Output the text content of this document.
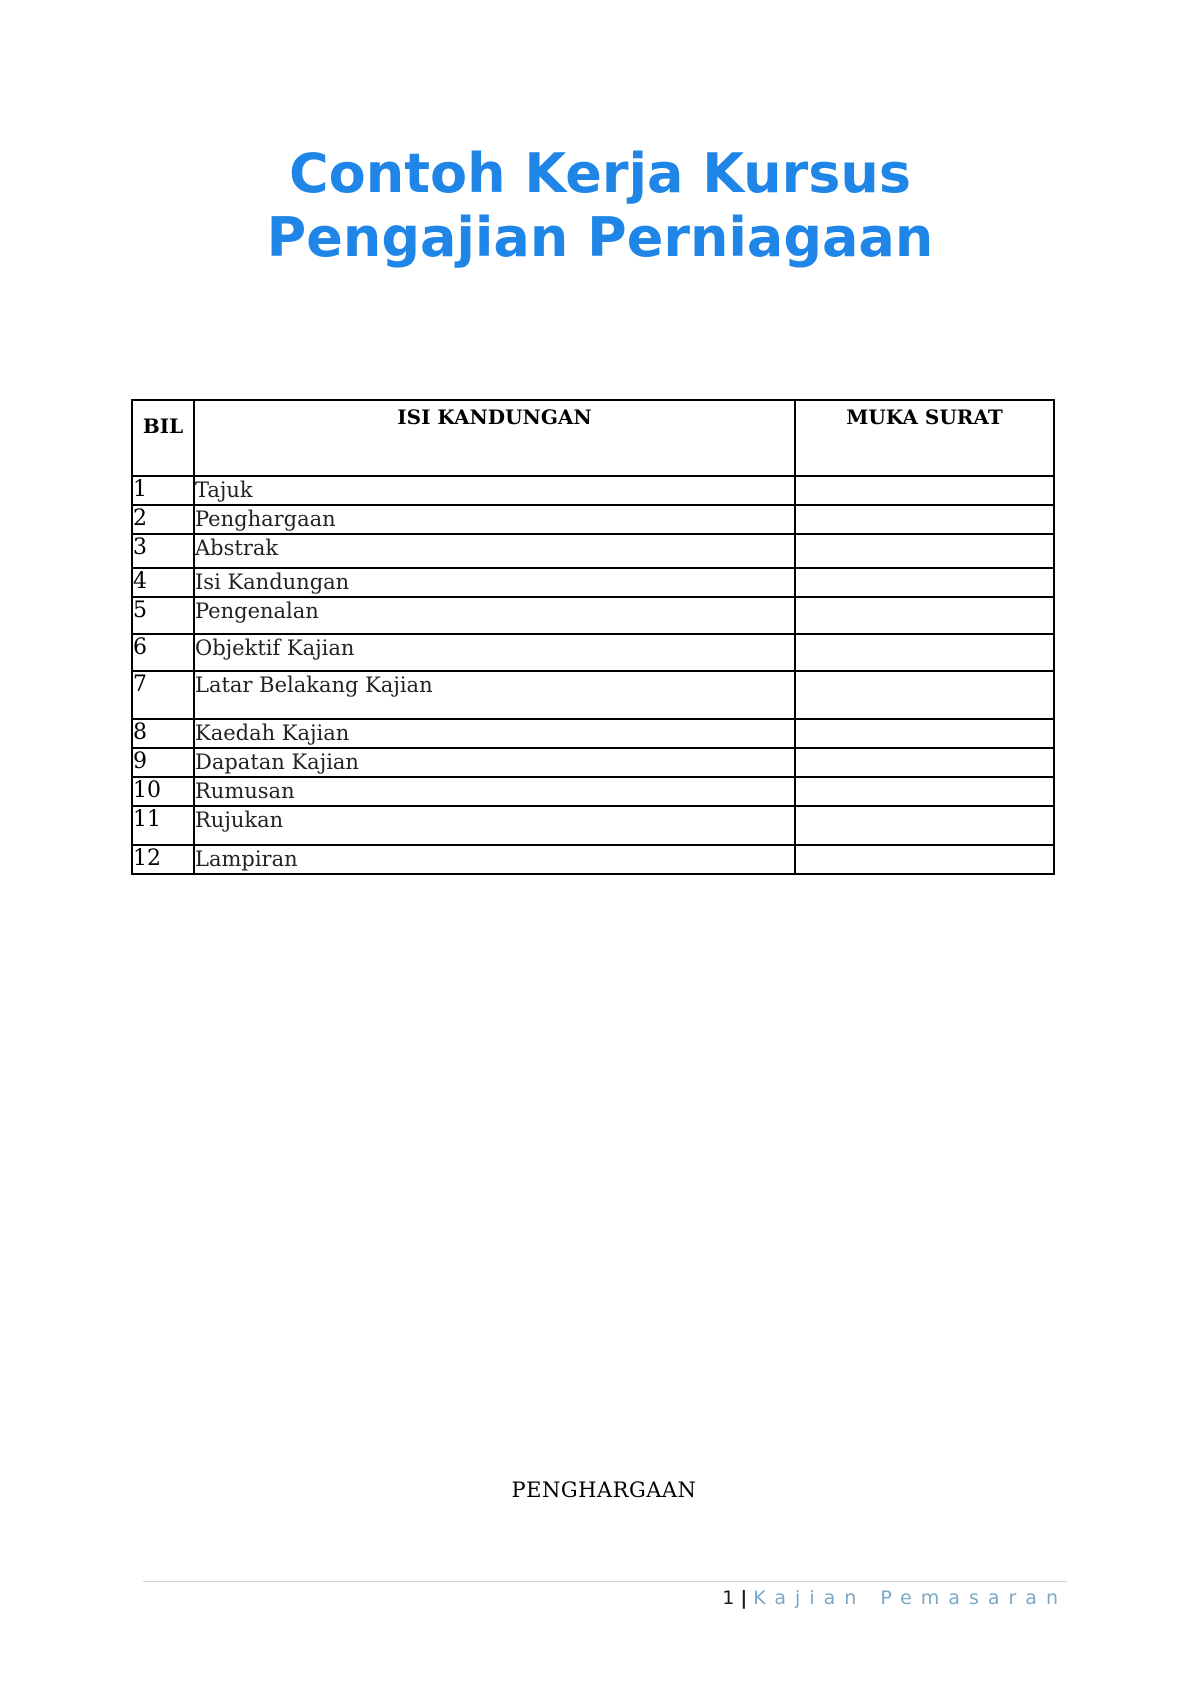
Contoh Kerja Kursus
Pengajian Perniagaan
BIL	ISI KANDUNGAN	MUKA SURAT
1	Tajuk	
2	Penghargaan	
3	Abstrak	
4	Isi Kandungan	
5	Pengenalan	
6	Objektif Kajian	
7	Latar Belakang Kajian	
8	Kaedah Kajian	
9	Dapatan Kajian	
10	Rumusan	
11	Rujukan	
12	Lampiran	
PENGHARGAAN
1 | Kajian Pemasaran
